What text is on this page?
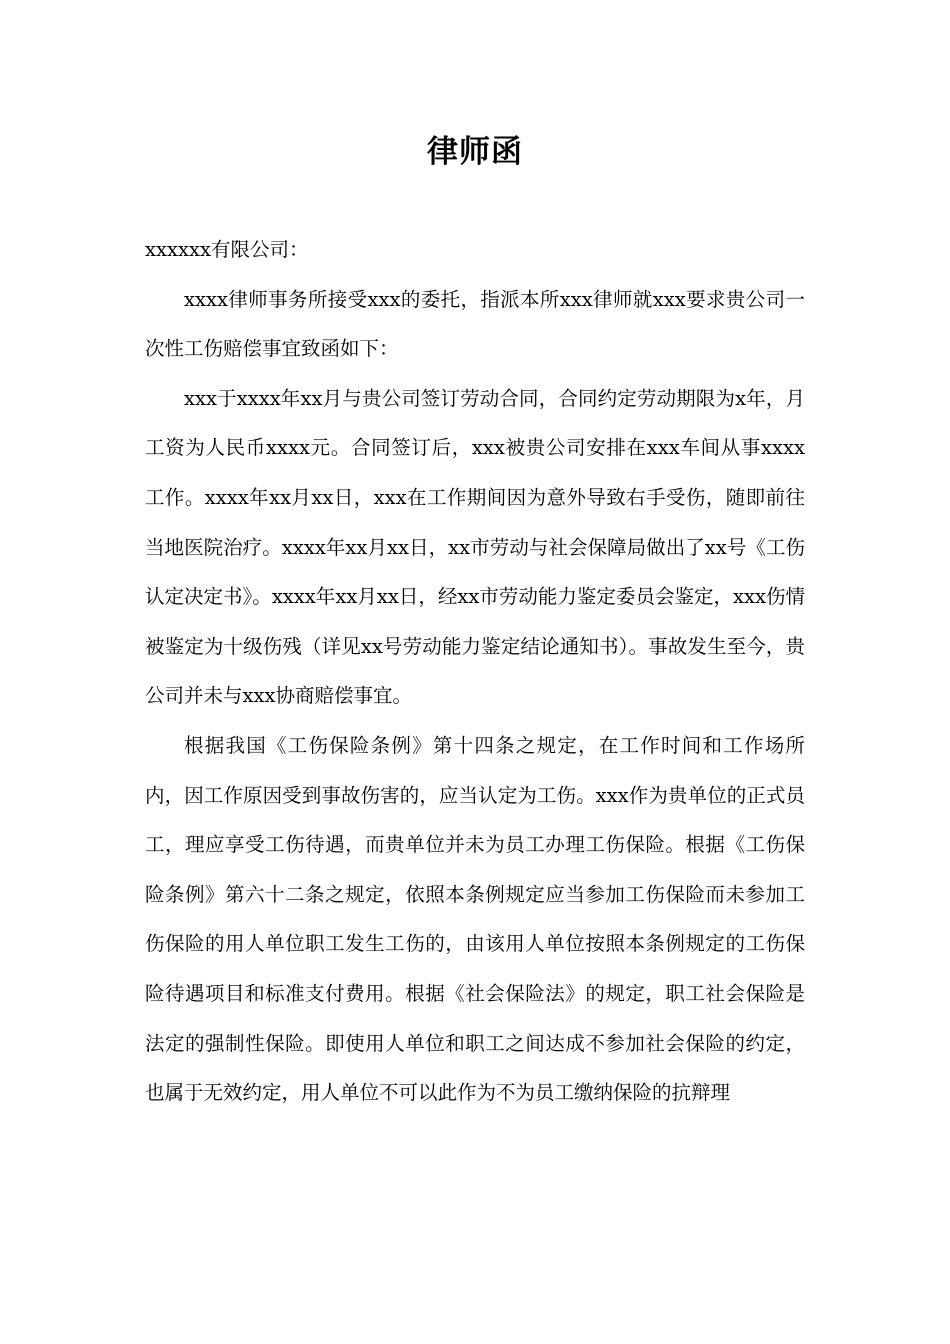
律师函

xxxxxx有限公司：

xxxx律师事务所接受xxx的委托，指派本所xxx律师就xxx要求贵公司一次性工伤赔偿事宜致函如下：

xxx于xxxx年xx月与贵公司签订劳动合同，合同约定劳动期限为x年，月工资为人民币xxxx元。合同签订后，xxx被贵公司安排在xxx车间从事xxxx工作。xxxx年xx月xx日，xxx在工作期间因为意外导致右手受伤，随即前往当地医院治疗。xxxx年xx月xx日，xx市劳动与社会保障局做出了xx号《工伤认定决定书》。xxxx年xx月xx日，经xx市劳动能力鉴定委员会鉴定，xxx伤情被鉴定为十级伤残（详见xx号劳动能力鉴定结论通知书）。事故发生至今，贵公司并未与xxx协商赔偿事宜。

根据我国《工伤保险条例》第十四条之规定，在工作时间和工作场所内，因工作原因受到事故伤害的，应当认定为工伤。xxx作为贵单位的正式员工，理应享受工伤待遇，而贵单位并未为员工办理工伤保险。根据《工伤保险条例》第六十二条之规定，依照本条例规定应当参加工伤保险而未参加工伤保险的用人单位职工发生工伤的，由该用人单位按照本条例规定的工伤保险待遇项目和标准支付费用。根据《社会保险法》的规定，职工社会保险是法定的强制性保险。即使用人单位和职工之间达成不参加社会保险的约定，也属于无效约定，用人单位不可以此作为不为员工缴纳保险的抗辩理
